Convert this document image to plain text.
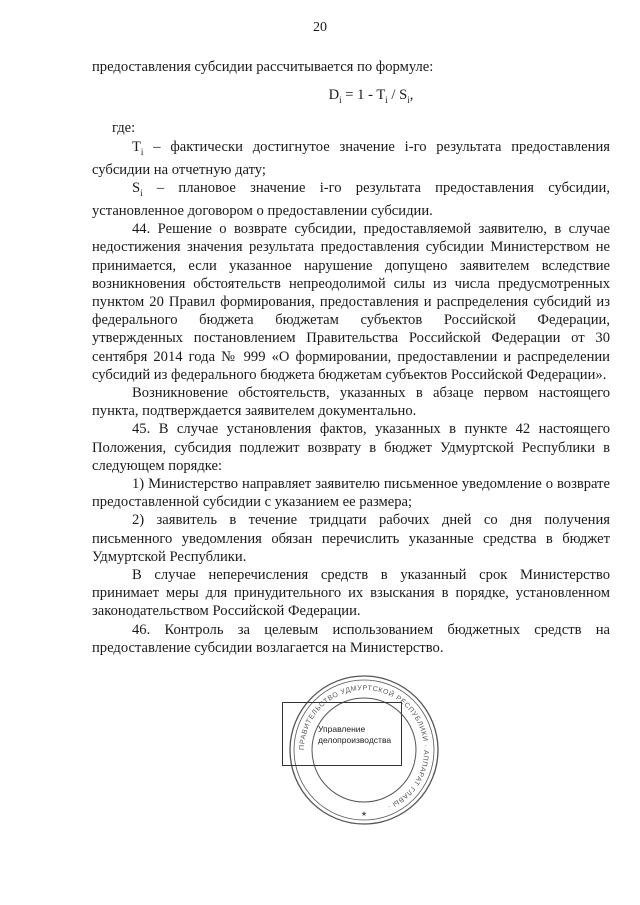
20

предоставления субсидии рассчитывается по формуле:

$D_i = 1 - T_i / S_i$,

где:

$T_i$ – фактически достигнутое значение i-го результата предоставления субсидии на отчетную дату;

$S_i$ – плановое значение i-го результата предоставления субсидии, установленное договором о предоставлении субсидии.

44. Решение о возврате субсидии, предоставляемой заявителю, в случае недостижения значения результата предоставления субсидии Министерством не принимается, если указанное нарушение допущено заявителем вследствие возникновения обстоятельств непреодолимой силы из числа предусмотренных пунктом 20 Правил формирования, предоставления и распределения субсидий из федерального бюджета бюджетам субъектов Российской Федерации, утвержденных постановлением Правительства Российской Федерации от 30 сентября 2014 года № 999 «О формировании, предоставлении и распределении субсидий из федерального бюджета бюджетам субъектов Российской Федерации».

Возникновение обстоятельств, указанных в абзаце первом настоящего пункта, подтверждается заявителем документально.

45. В случае установления фактов, указанных в пункте 42 настоящего Положения, субсидия подлежит возврату в бюджет Удмуртской Республики в следующем порядке:

1) Министерство направляет заявителю письменное уведомление о возврате предоставленной субсидии с указанием ее размера;

2) заявитель в течение тридцати рабочих дней со дня получения письменного уведомления обязан перечислить указанные средства в бюджет Удмуртской Республики.

В случае неперечисления средств в указанный срок Министерство принимает меры для принудительного их взыскания в порядке, установленном законодательством Российской Федерации.

46. Контроль за целевым использованием бюджетных средств на предоставление субсидии возлагается на Министерство.

ПРАВИТЕЛЬСТВО УДМУРТСКОЙ РЕСПУБЛИКИ · АППАРАТ ГЛАВЫ ·
★
Управление делопроизводства
